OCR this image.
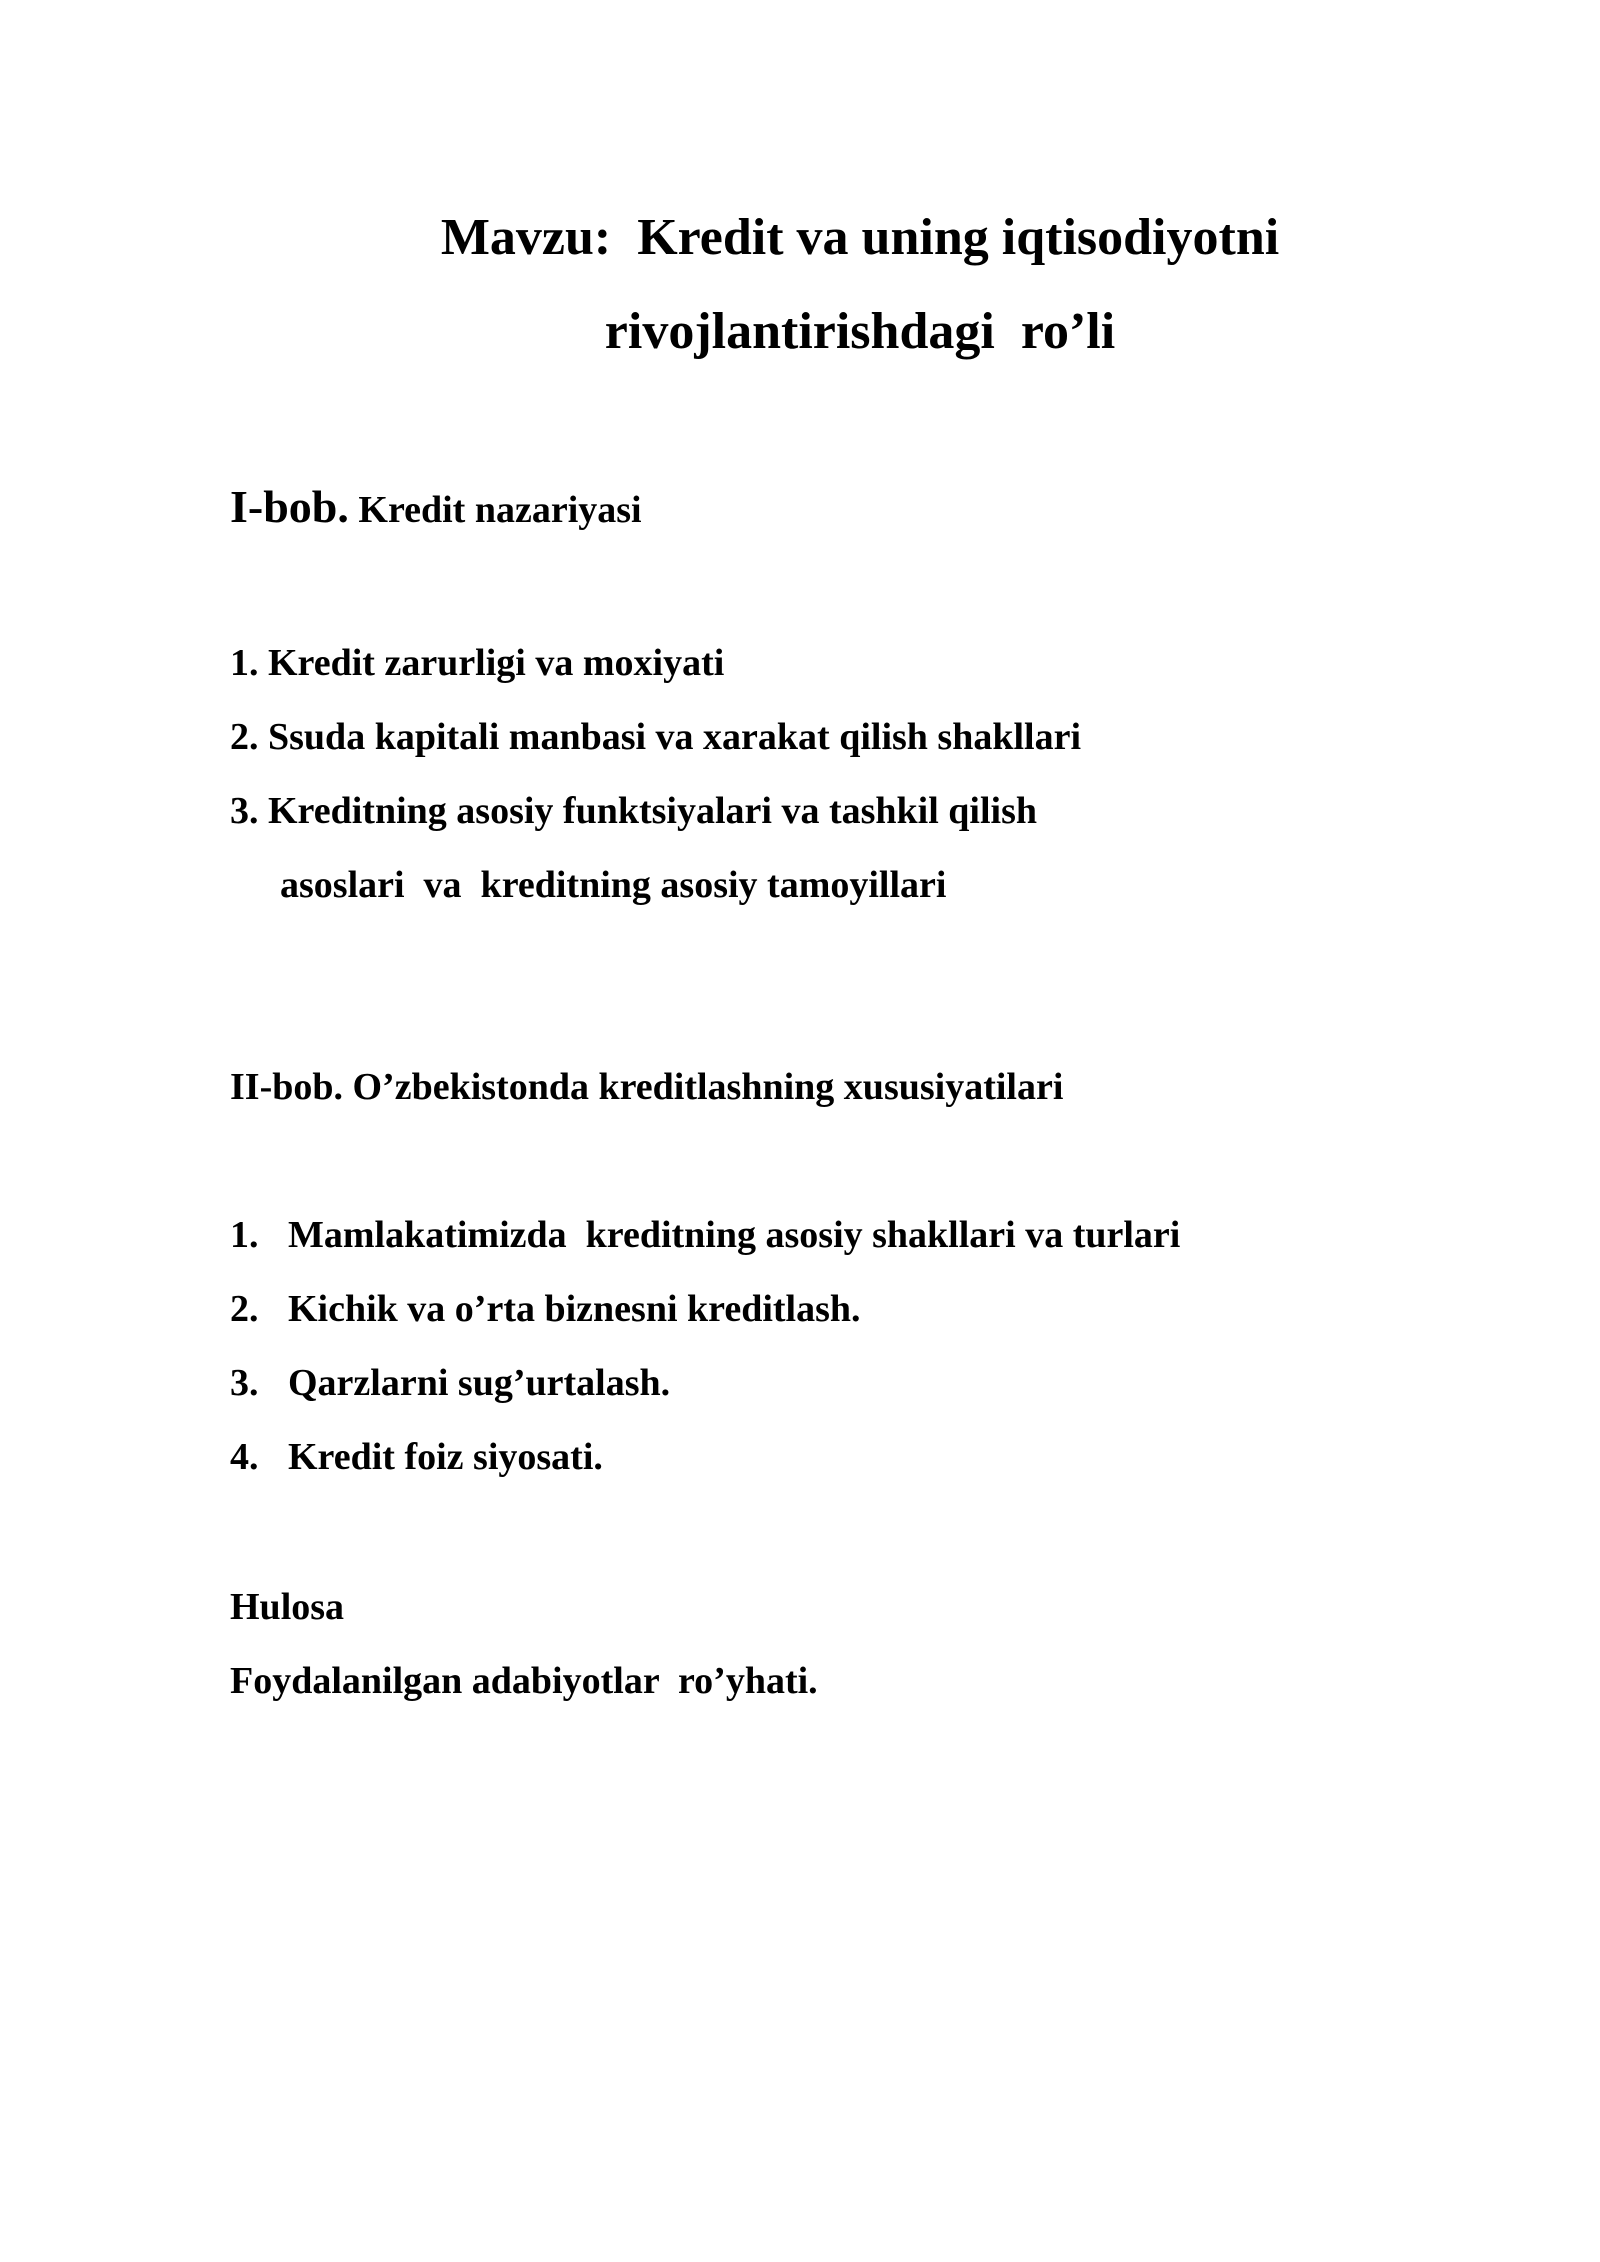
Mavzu:  Kredit va uning iqtisodiyotni
rivojlantirishdagi  ro’li
I-bob. Kredit nazariyasi
1. Kredit zarurligi va moxiyati
2. Ssuda kapitali manbasi va xarakat qilish shakllari
3. Kreditning asosiy funktsiyalari va tashkil qilish
asoslari  va  kreditning asosiy tamoyillari
II-bob. O’zbekistonda kreditlashning xususiyatilari
1. Mamlakatimizda  kreditning asosiy shakllari va turlari
2. Kichik va o’rta biznesni kreditlash.
3. Qarzlarni sug’urtalash.
4. Kredit foiz siyosati.
Hulosa
Foydalanilgan adabiyotlar  ro’yhati.
